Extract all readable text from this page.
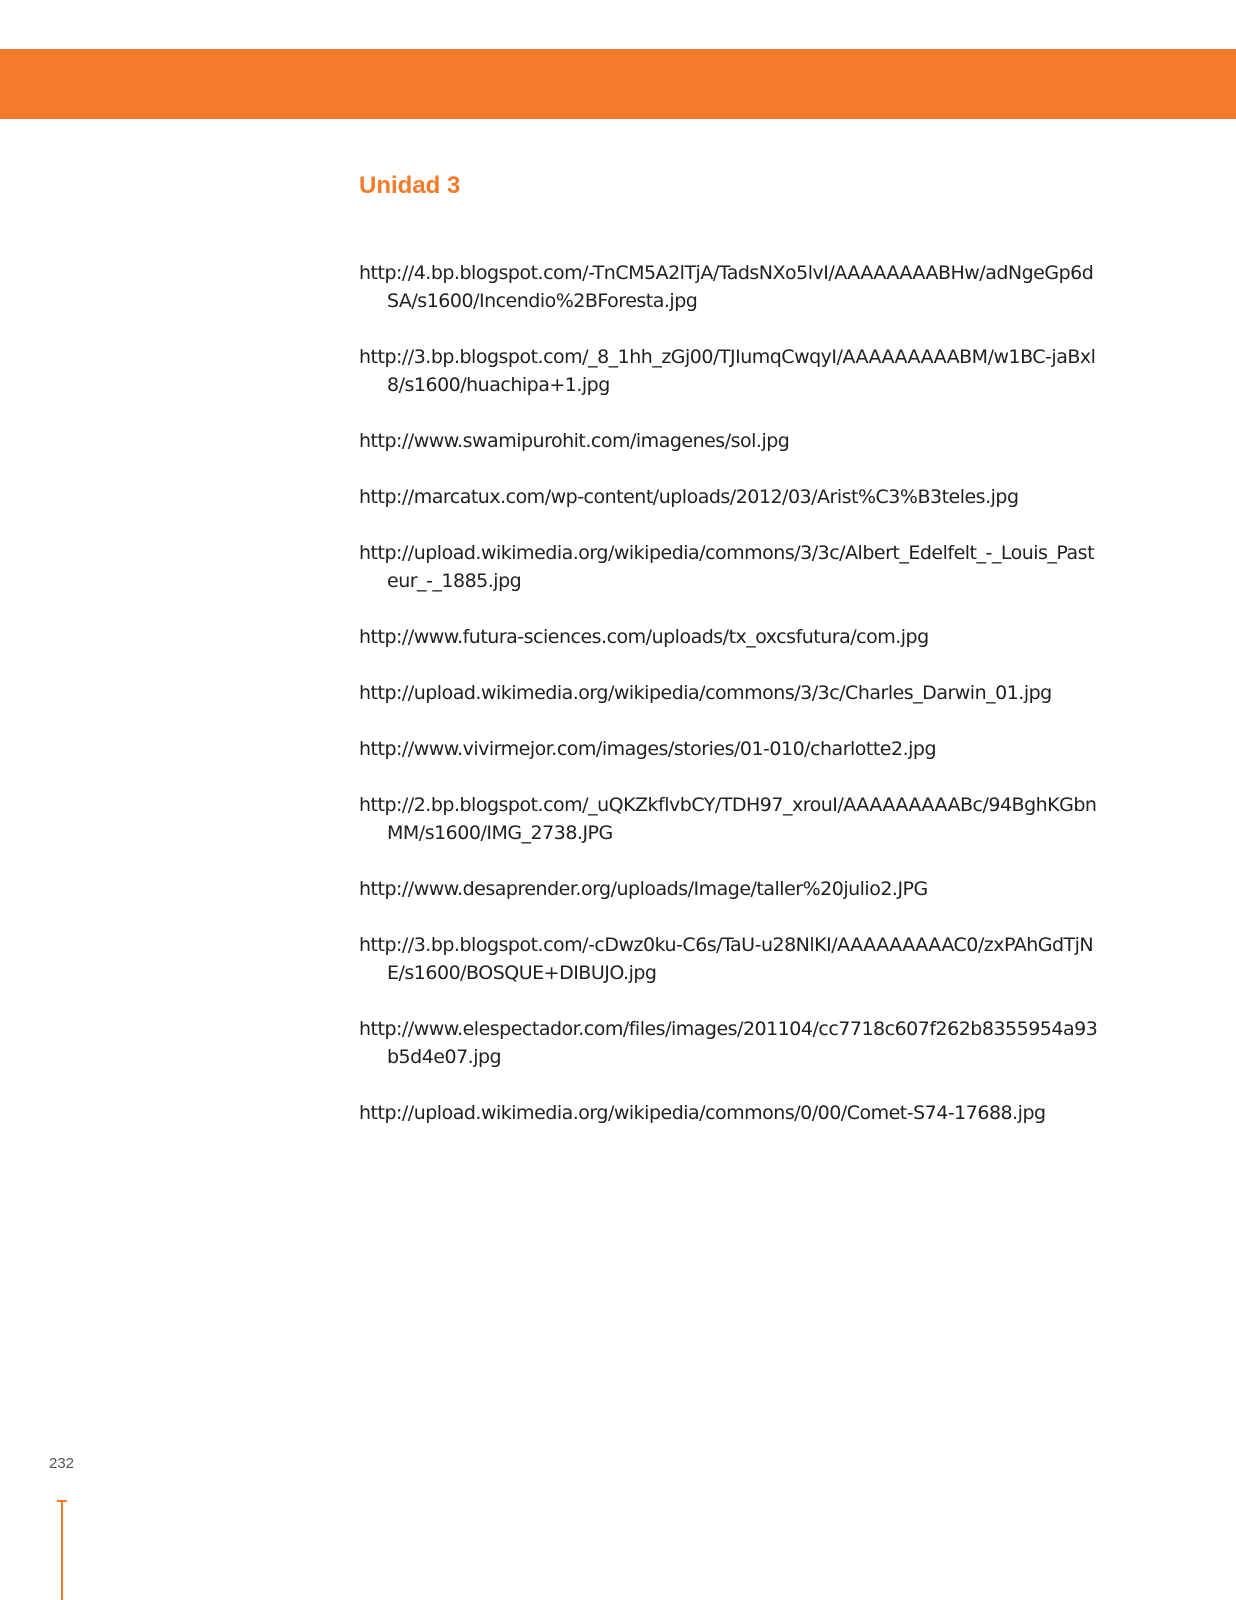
Unidad 3
http://4.bp.blogspot.com/-TnCM5A2lTjA/TadsNXo5lvI/AAAAAAAABHw/adNgeGp6dSA/s1600/Incendio%2BForesta.jpg
http://3.bp.blogspot.com/_8_1hh_zGj00/TJIumqCwqyI/AAAAAAAAABM/w1BC-jaBxl8/s1600/huachipa+1.jpg
http://www.swamipurohit.com/imagenes/sol.jpg
http://marcatux.com/wp-content/uploads/2012/03/Arist%C3%B3teles.jpg
http://upload.wikimedia.org/wikipedia/commons/3/3c/Albert_Edelfelt_-_Louis_Pasteur_-_1885.jpg
http://www.futura-sciences.com/uploads/tx_oxcsfutura/com.jpg
http://upload.wikimedia.org/wikipedia/commons/3/3c/Charles_Darwin_01.jpg
http://www.vivirmejor.com/images/stories/01-010/charlotte2.jpg
http://2.bp.blogspot.com/_uQKZkflvbCY/TDH97_xrouI/AAAAAAAAABc/94BghKGbnMM/s1600/IMG_2738.JPG
http://www.desaprender.org/uploads/Image/taller%20julio2.JPG
http://3.bp.blogspot.com/-cDwz0ku-C6s/TaU-u28NlKI/AAAAAAAAAC0/zxPAhGdTjNE/s1600/BOSQUE+DIBUJO.jpg
http://www.elespectador.com/files/images/201104/cc7718c607f262b8355954a93b5d4e07.jpg
http://upload.wikimedia.org/wikipedia/commons/0/00/Comet-S74-17688.jpg
232
